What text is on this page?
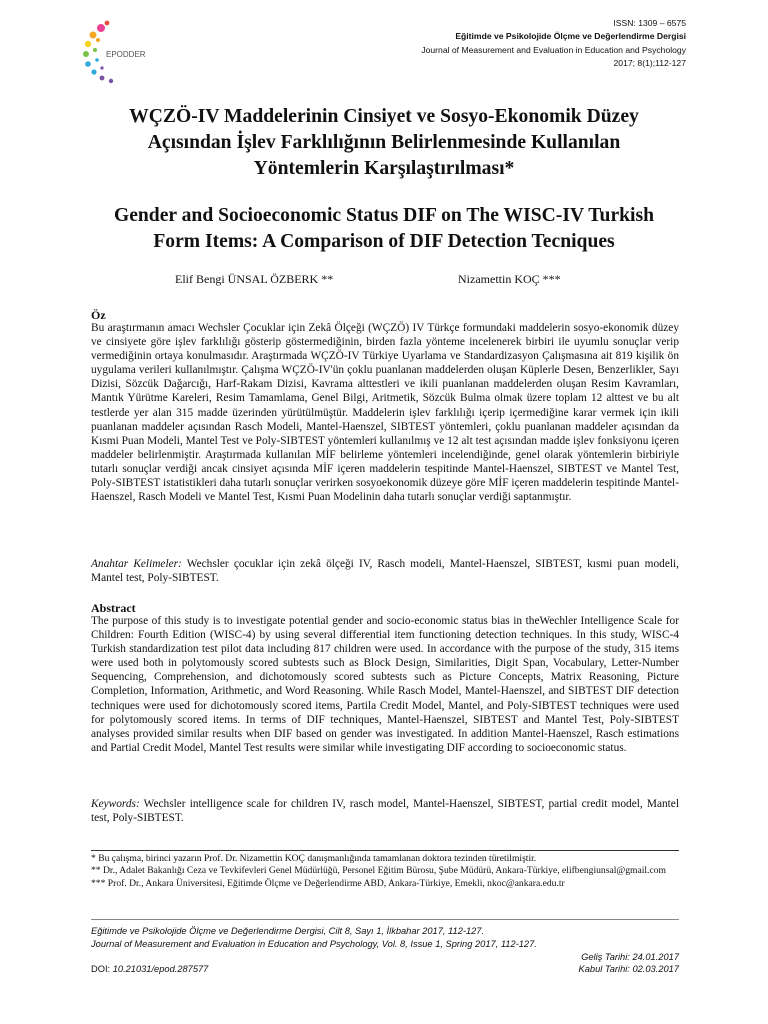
EPODDER
ISSN: 1309 – 6575
Eğitimde ve Psikolojide Ölçme ve Değerlendirme Dergisi
Journal of Measurement and Evaluation in Education and Psychology
2017; 8(1);112-127
WÇZÖ-IV Maddelerinin Cinsiyet ve Sosyo-Ekonomik Düzey
Açısından İşlev Farklılığının Belirlenmesinde Kullanılan
Yöntemlerin Karşılaştırılması*
Gender and Socioeconomic Status DIF on The WISC-IV Turkish
Form Items: A Comparison of DIF Detection Tecniques
Elif Bengi ÜNSAL ÖZBERK **	Nizamettin KOÇ ***
Öz
Bu araştırmanın amacı Wechsler Çocuklar için Zekâ Ölçeği (WÇZÖ) IV Türkçe formundaki maddelerin sosyo-ekonomik düzey ve cinsiyete göre işlev farklılığı gösterip göstermediğinin, birden fazla yönteme incelenerek birbiri ile uyumlu sonuçlar verip vermediğinin ortaya konulmasıdır. Araştırmada WÇZÖ-IV Türkiye Uyarlama ve Standardizasyon Çalışmasına ait 819 kişilik ön uygulama verileri kullanılmıştır. Çalışma WÇZÖ-IV'ün çoklu puanlanan maddelerden oluşan Küplerle Desen, Benzerlikler, Sayı Dizisi, Sözcük Dağarcığı, Harf-Rakam Dizisi, Kavrama alttestleri ve ikili puanlanan maddelerden oluşan Resim Kavramları, Mantık Yürütme Kareleri, Resim Tamamlama, Genel Bilgi, Aritmetik, Sözcük Bulma olmak üzere toplam 12 alttest ve bu alt testlerde yer alan 315 madde üzerinden yürütülmüştür. Maddelerin işlev farklılığı içerip içermediğine karar vermek için ikili puanlanan maddeler açısından Rasch Modeli, Mantel-Haenszel, SIBTEST yöntemleri, çoklu puanlanan maddeler açısından da Kısmi Puan Modeli, Mantel Test ve Poly-SIBTEST yöntemleri kullanılmış ve 12 alt test açısından madde işlev fonksiyonu içeren maddeler belirlenmiştir. Araştırmada kullanılan MİF belirleme yöntemleri incelendiğinde, genel olarak yöntemlerin birbiriyle tutarlı sonuçlar verdiği ancak cinsiyet açısında MİF içeren maddelerin tespitinde Mantel-Haenszel, SIBTEST ve Mantel Test, Poly-SIBTEST istatistikleri daha tutarlı sonuçlar verirken sosyoekonomik düzeye göre MİF içeren maddelerin tespitinde Mantel-Haenszel, Rasch Modeli ve Mantel Test, Kısmi Puan Modelinin daha tutarlı sonuçlar verdiği saptanmıştır.
Anahtar Kelimeler: Wechsler çocuklar için zekâ ölçeği IV, Rasch modeli, Mantel-Haenszel, SIBTEST, kısmi puan modeli, Mantel test, Poly-SIBTEST.
Abstract
The purpose of this study is to investigate potential gender and socio-economic status bias in theWechler Intelligence Scale for Children: Fourth Edition (WISC-4) by using several differential item functioning detection techniques. In this study, WISC-4 Turkish standardization test pilot data including 817 children were used. In accordance with the purpose of the study, 315 items were used both in polytomously scored subtests such as Block Design, Similarities, Digit Span, Vocabulary, Letter-Number Sequencing, Comprehension, and dichotomously scored subtests such as Picture Concepts, Matrix Reasoning, Picture Completion, Information, Arithmetic, and Word Reasoning. While Rasch Model, Mantel-Haenszel, and SIBTEST DIF detection techniques were used for dichotomously scored items, Partila Credit Model, Mantel, and Poly-SIBTEST techniques were used for polytomously scored items. In terms of DIF techniques, Mantel-Haenszel, SIBTEST and Mantel Test, Poly-SIBTEST analyses provided similar results when DIF based on gender was investigated. In addition Mantel-Haenszel, Rasch estimations and Partial Credit Model, Mantel Test results were similar while investigating DIF according to socioeconomic status.
Keywords: Wechsler intelligence scale for children IV, rasch model, Mantel-Haenszel, SIBTEST, partial credit model, Mantel test, Poly-SIBTEST.

* Bu çalışma, birinci yazarın Prof. Dr. Nizamettin KOÇ danışmanlığında tamamlanan doktora tezinden türetilmiştir.

** Dr., Adalet Bakanlığı Ceza ve Tevkifevleri Genel Müdürlüğü, Personel Eğitim Bürosu, Şube Müdürü, Ankara-Türkiye, elifbengiunsal@gmail.com

*** Prof. Dr., Ankara Üniversitesi, Eğitimde Ölçme ve Değerlendirme ABD, Ankara-Türkiye, Emekli, nkoc@ankara.edu.tr

Eğitimde ve Psikolojide Ölçme ve Değerlendirme Dergisi, Cilt 8, Sayı 1, İlkbahar 2017, 112-127.
Journal of Measurement and Evaluation in Education and Psychology, Vol. 8, Issue 1, Spring 2017, 112-127.
Geliş Tarihi: 24.01.2017
Kabul Tarihi: 02.03.2017
DOI: 10.21031/epod.287577
